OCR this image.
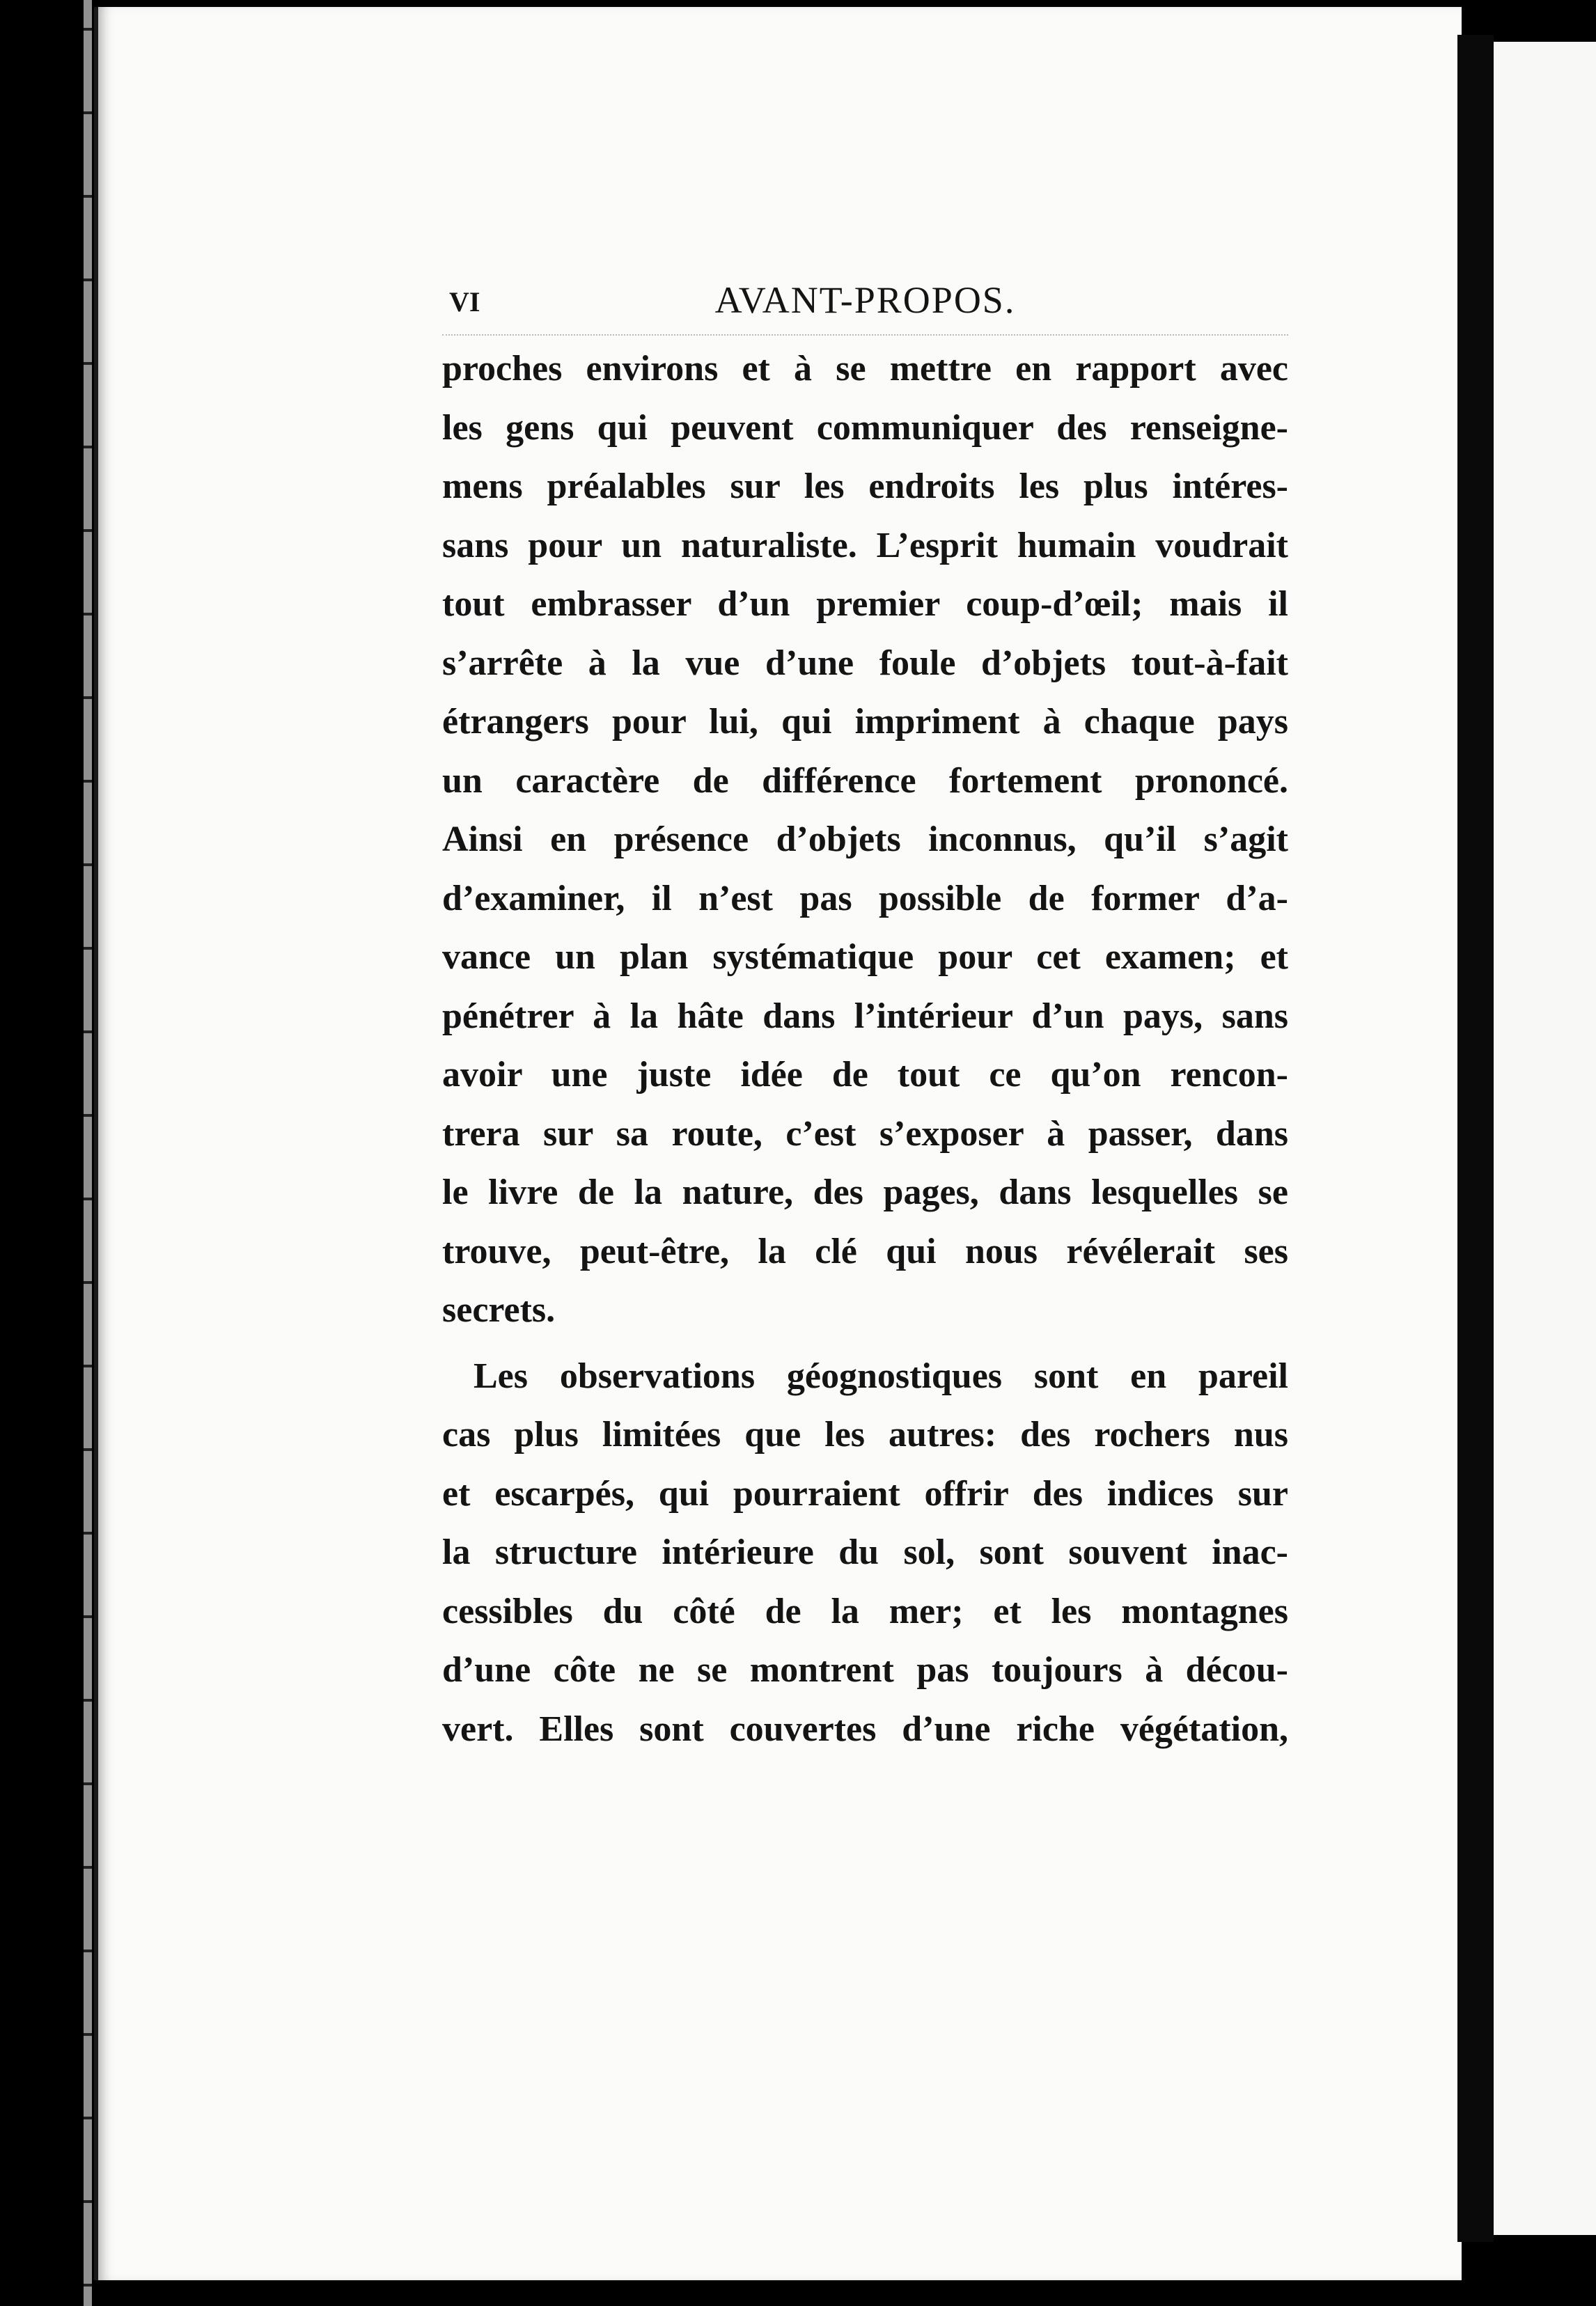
VI	AVANT-PROPOS.
proches environs et à se mettre en rapport avec
les gens qui peuvent communiquer des renseigne-
mens préalables sur les endroits les plus intéres-
sans pour un naturaliste. L’esprit humain voudrait
tout embrasser d’un premier coup-d’œil; mais il
s’arrête à la vue d’une foule d’objets tout-à-fait
étrangers pour lui, qui impriment à chaque pays
un caractère de différence fortement prononcé.
Ainsi en présence d’objets inconnus, qu’il s’agit
d’examiner, il n’est pas possible de former d’a-
vance un plan systématique pour cet examen; et
pénétrer à la hâte dans l’intérieur d’un pays, sans
avoir une juste idée de tout ce qu’on rencon-
trera sur sa route, c’est s’exposer à passer, dans
le livre de la nature, des pages, dans lesquelles se
trouve, peut-être, la clé qui nous révélerait ses
secrets.
Les observations géognostiques sont en pareil
cas plus limitées que les autres: des rochers nus
et escarpés, qui pourraient offrir des indices sur
la structure intérieure du sol, sont souvent inac-
cessibles du côté de la mer; et les montagnes
d’une côte ne se montrent pas toujours à décou-
vert. Elles sont couvertes d’une riche végétation,
